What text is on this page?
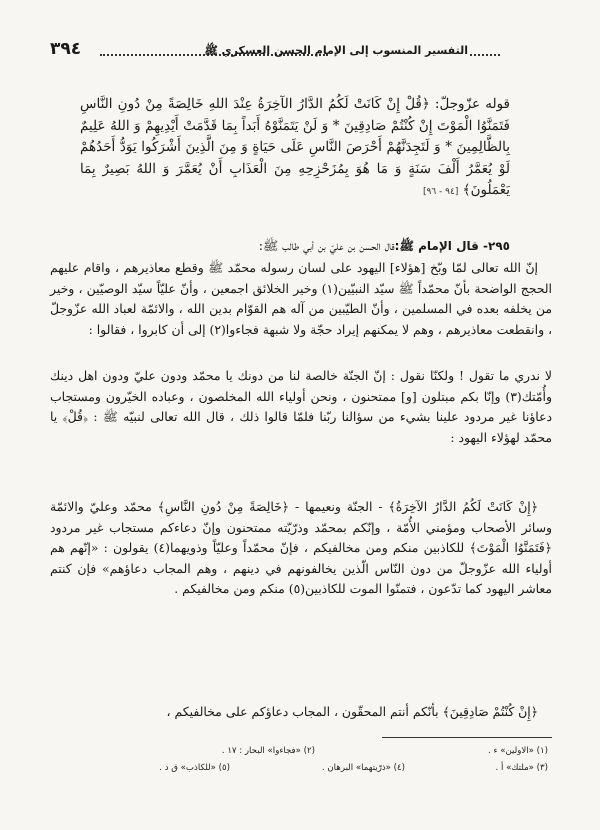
٣٩٤	التفسير المنسوب إلى الإمام الحسن العسكري ﷺ
قوله عزّوجلّ: ﴿قُلْ إِنْ كَانَتْ لَكُمُ الدَّارُ الآخِرَةُ عِنْدَ اللهِ خَالِصَةً مِنْ دُونِ النَّاسِ فَتَمَنَّوُا الْمَوْتَ إِنْ كُنْتُمْ صَادِقِينَ * وَ لَنْ يَتَمَنَّوْهُ أَبَداً بِمَا قَدَّمَتْ أَيْدِيهِمْ وَ اللهُ عَلِيمٌ بِالظَّالِمِينَ * وَ لَتَجِدَنَّهُمْ أَحْرَصَ النَّاسِ عَلَى حَيَاةٍ وَ مِنَ الَّذِينَ أَشْرَكُوا يَوَدُّ أَحَدُهُمْ لَوْ يُعَمَّرُ أَلْفَ سَنَةٍ وَ مَا هُوَ بِمُزَحْزِحِهِ مِنَ الْعَذَابِ أَنْ يُعَمَّرَ وَ اللهُ بَصِيرٌ بِمَا يَعْمَلُونَ﴾ [٩٤ - ٩٦]
٢٩٥- قال الإمام ﷺ:قال الحسن بن عليّ بن أبي طالب ﷺ:
إنّ الله تعالى لمّا وبّخ [هؤلاء] اليهود على لسان رسوله محمّد ﷺ وقطع معاذيرهم ، واقام عليهم الحجج الواضحة بأنّ محمّداً ﷺ سيّد النبيّين(١) وخير الخلائق اجمعين ، وأنّ عليّاً سيّد الوصيّين ، وخير من يخلفه بعده في المسلمين ، وأنّ الطيّبين من آله هم القوّام بدين الله ، والائمّة لعباد الله عزّوجلّ ، وانقطعت معاذيرهم ، وهم لا يمكنهم إيراد حجّة ولا شبهة فجاءوا(٢) إلى أن كابروا ، فقالوا :
لا ندري ما تقول ! ولكنّا نقول : إنّ الجنّة خالصة لنا من دونك يا محمّد ودون عليّ ودون اهل دينك وأُمّتك(٣) وإنّا بكم مبتلون [و] ممتحنون ، ونحن أولياء الله المخلصون ، وعباده الخيّرون ومستجاب دعاؤنا غير مردود علينا بشيء من سؤالنا ربّنا فلمّا قالوا ذلك ، قال الله تعالى لنبيّه ﷺ : ﴿قُلْ﴾ يا محمّد لهؤلاء اليهود :
﴿إِنْ كَانَتْ لَكُمُ الدَّارُ الآخِرَةُ﴾ - الجنّة ونعيمها - ﴿خَالِصَةً مِنْ دُونِ النَّاسِ﴾ محمّد وعليّ والائمّة وسائر الأصحاب ومؤمني الأُمّة ، وإنّكم بمحمّد وذرّيّته ممتحنون وإنّ دعاءكم مستجاب غير مردود ﴿فَتَمَنَّوُا الْمَوْتَ﴾ للكاذبين منكم ومن مخالفيكم ، فإنّ محمّداً وعليّاً وذويهما(٤) يقولون : «إنّهم هم أولياء الله عزّوجلّ من دون النّاس الّذين يخالفونهم في دينهم ، وهم المجاب دعاؤهم» فإن كنتم معاشر اليهود كما تدّعون ، فتمنّوا الموت للكاذبين(٥) منكم ومن مخالفيكم .
﴿إِنْ كُنْتُمْ صَادِقِينَ﴾ بأنّكم أنتم المحقّون ، المجاب دعاؤكم على مخالفيكم ،
(١) «الاولين» ء .
(٢) «فجاءوا» البحار : ١٧ .
(٣) «ملتك» أ .
(٤) «ذرّيتهما» البرهان .
(٥) «للكاذب» ق د .
